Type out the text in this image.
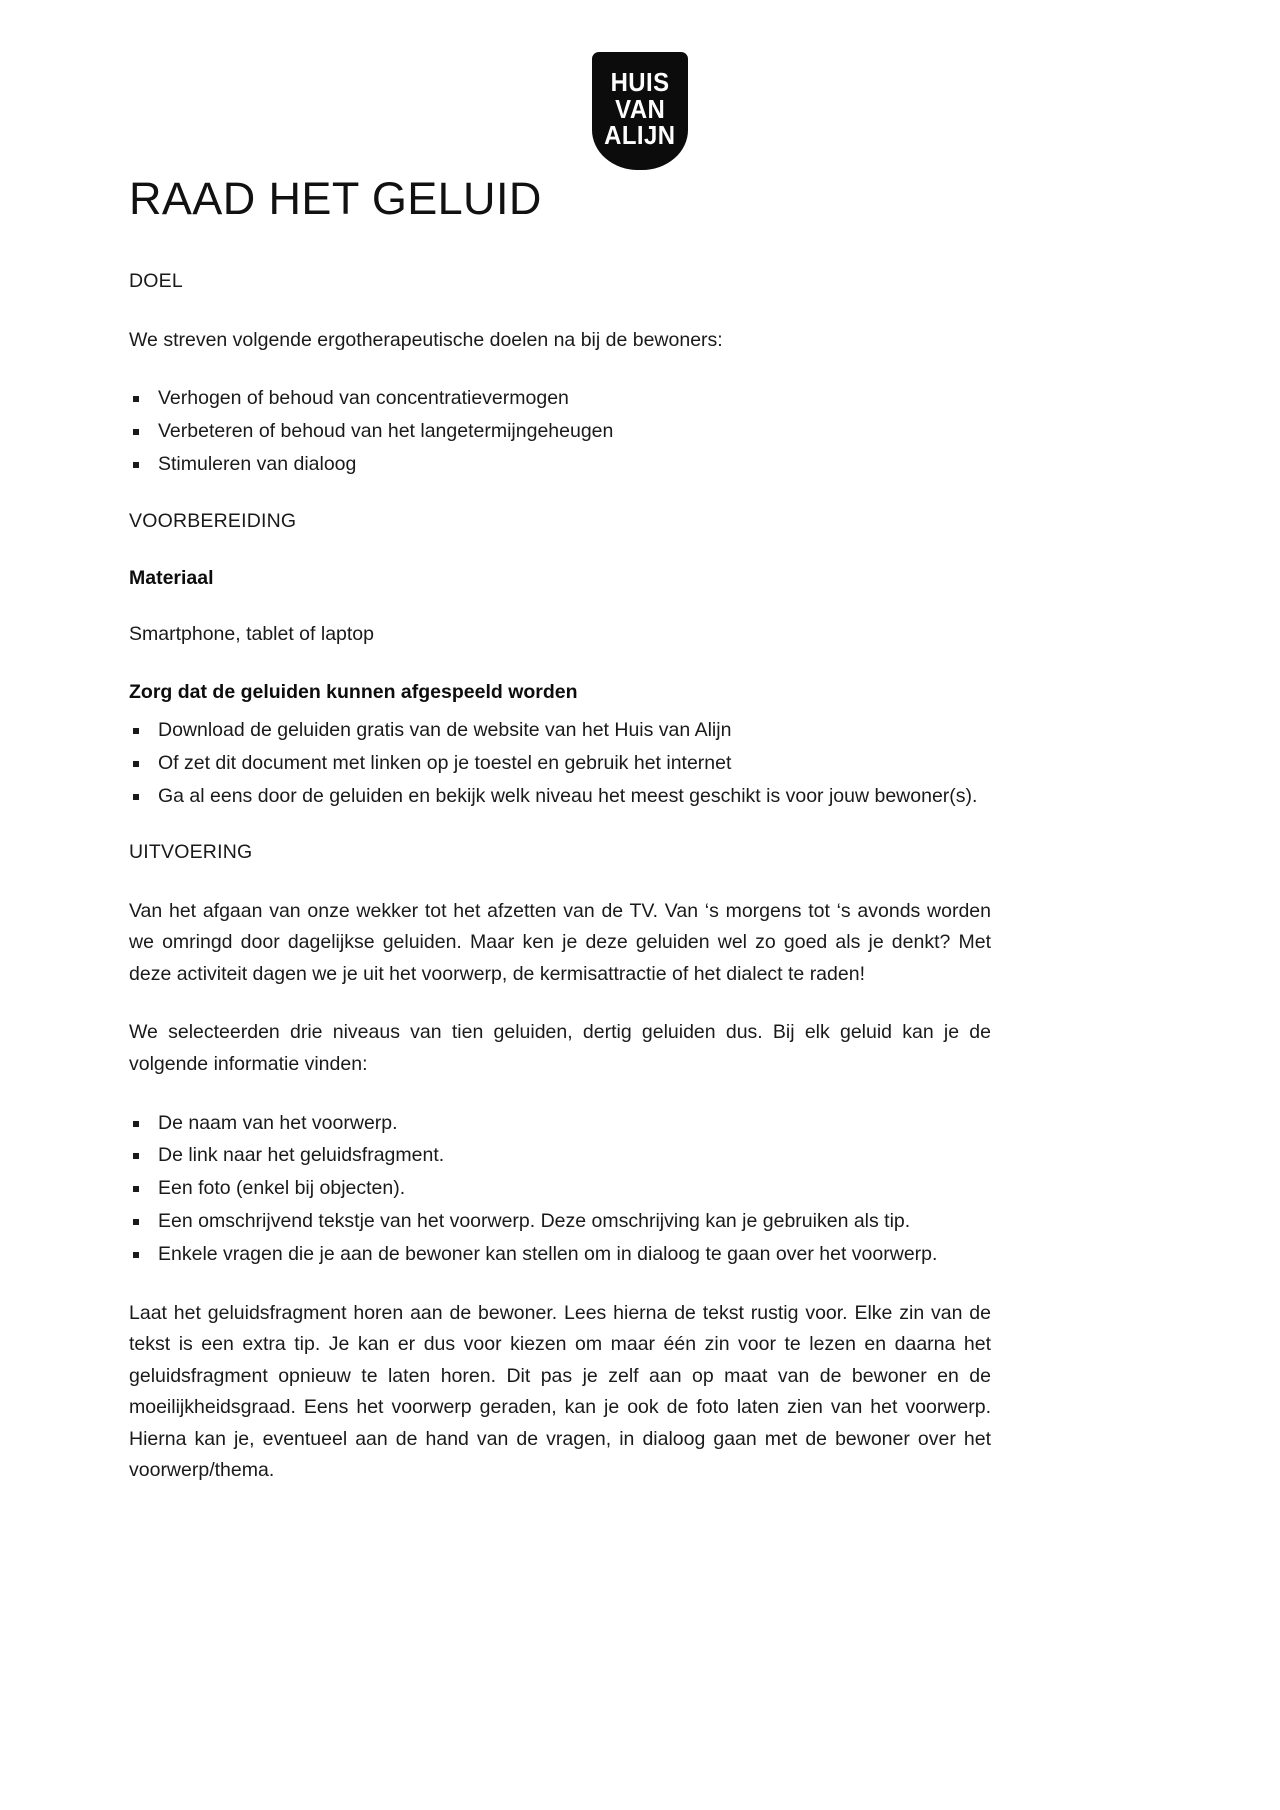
HUIS
VAN
ALIJN
RAAD HET GELUID
DOEL

We streven volgende ergotherapeutische doelen na bij de bewoners:

Verhogen of behoud van concentratievermogen
Verbeteren of behoud van het langetermijngeheugen
Stimuleren van dialoog
VOORBEREIDING
Materiaal

Smartphone, tablet of laptop

Zorg dat de geluiden kunnen afgespeeld worden
Download de geluiden gratis van de website van het Huis van Alijn
Of zet dit document met linken op je toestel en gebruik het internet
Ga al eens door de geluiden en bekijk welk niveau het meest geschikt is voor jouw bewoner(s).
UITVOERING

Van het afgaan van onze wekker tot het afzetten van de TV. Van ‘s morgens tot ‘s avonds worden we omringd door dagelijkse geluiden. Maar ken je deze geluiden wel zo goed als je denkt? Met deze activiteit dagen we je uit het voorwerp, de kermisattractie of het dialect te raden!

We selecteerden drie niveaus van tien geluiden, dertig geluiden dus. Bij elk geluid kan je de volgende informatie vinden:

De naam van het voorwerp.
De link naar het geluidsfragment.
Een foto (enkel bij objecten).
Een omschrijvend tekstje van het voorwerp. Deze omschrijving kan je gebruiken als tip.
Enkele vragen die je aan de bewoner kan stellen om in dialoog te gaan over het voorwerp.

Laat het geluidsfragment horen aan de bewoner. Lees hierna de tekst rustig voor. Elke zin van de tekst is een extra tip. Je kan er dus voor kiezen om maar één zin voor te lezen en daarna het geluidsfragment opnieuw te laten horen. Dit pas je zelf aan op maat van de bewoner en de moeilijkheidsgraad. Eens het voorwerp geraden, kan je ook de foto laten zien van het voorwerp. Hierna kan je, eventueel aan de hand van de vragen, in dialoog gaan met de bewoner over het voorwerp/thema.
